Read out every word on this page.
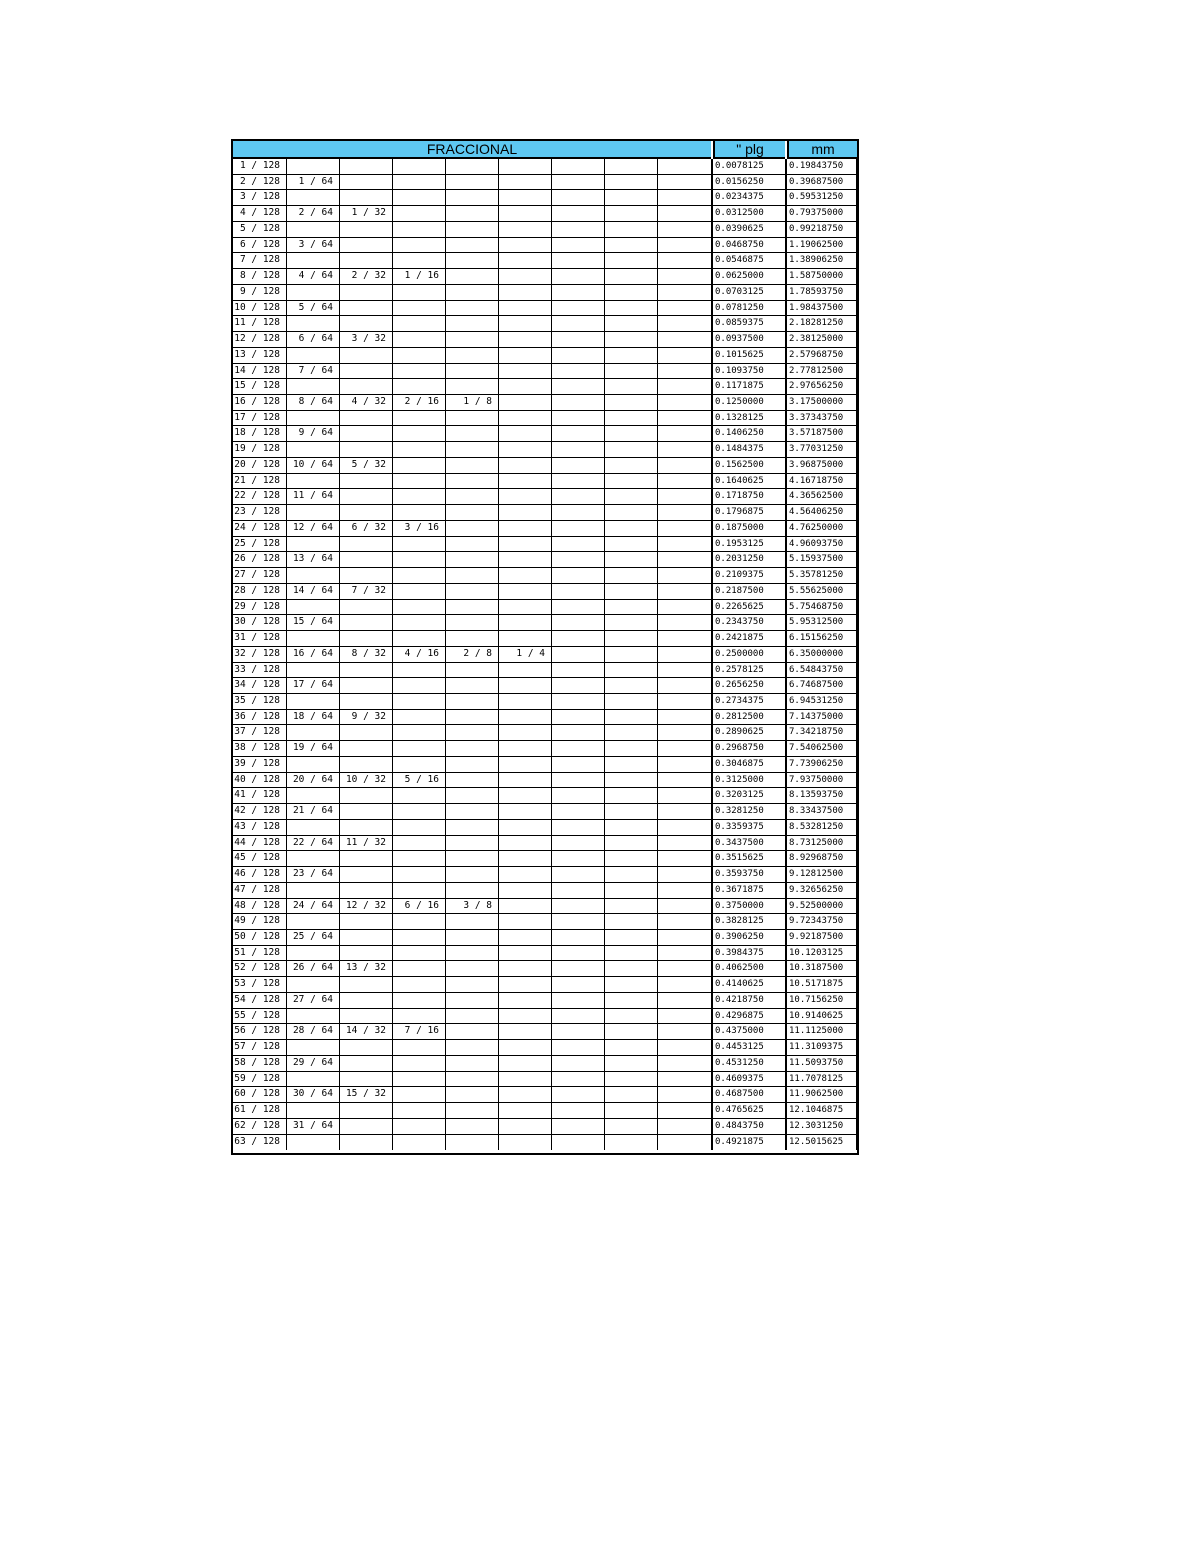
FRACCIONAL	" plg	mm
1 / 128	0.0078125	0.19843750
2 / 128	1 / 64	0.0156250	0.39687500
3 / 128	0.0234375	0.59531250
4 / 128	2 / 64	1 / 32	0.0312500	0.79375000
5 / 128	0.0390625	0.99218750
6 / 128	3 / 64	0.0468750	1.19062500
7 / 128	0.0546875	1.38906250
8 / 128	4 / 64	2 / 32	1 / 16	0.0625000	1.58750000
9 / 128	0.0703125	1.78593750
10 / 128	5 / 64	0.0781250	1.98437500
11 / 128	0.0859375	2.18281250
12 / 128	6 / 64	3 / 32	0.0937500	2.38125000
13 / 128	0.1015625	2.57968750
14 / 128	7 / 64	0.1093750	2.77812500
15 / 128	0.1171875	2.97656250
16 / 128	8 / 64	4 / 32	2 / 16	1 / 8	0.1250000	3.17500000
17 / 128	0.1328125	3.37343750
18 / 128	9 / 64	0.1406250	3.57187500
19 / 128	0.1484375	3.77031250
20 / 128	10 / 64	5 / 32	0.1562500	3.96875000
21 / 128	0.1640625	4.16718750
22 / 128	11 / 64	0.1718750	4.36562500
23 / 128	0.1796875	4.56406250
24 / 128	12 / 64	6 / 32	3 / 16	0.1875000	4.76250000
25 / 128	0.1953125	4.96093750
26 / 128	13 / 64	0.2031250	5.15937500
27 / 128	0.2109375	5.35781250
28 / 128	14 / 64	7 / 32	0.2187500	5.55625000
29 / 128	0.2265625	5.75468750
30 / 128	15 / 64	0.2343750	5.95312500
31 / 128	0.2421875	6.15156250
32 / 128	16 / 64	8 / 32	4 / 16	2 / 8	1 / 4	0.2500000	6.35000000
33 / 128	0.2578125	6.54843750
34 / 128	17 / 64	0.2656250	6.74687500
35 / 128	0.2734375	6.94531250
36 / 128	18 / 64	9 / 32	0.2812500	7.14375000
37 / 128	0.2890625	7.34218750
38 / 128	19 / 64	0.2968750	7.54062500
39 / 128	0.3046875	7.73906250
40 / 128	20 / 64	10 / 32	5 / 16	0.3125000	7.93750000
41 / 128	0.3203125	8.13593750
42 / 128	21 / 64	0.3281250	8.33437500
43 / 128	0.3359375	8.53281250
44 / 128	22 / 64	11 / 32	0.3437500	8.73125000
45 / 128	0.3515625	8.92968750
46 / 128	23 / 64	0.3593750	9.12812500
47 / 128	0.3671875	9.32656250
48 / 128	24 / 64	12 / 32	6 / 16	3 / 8	0.3750000	9.52500000
49 / 128	0.3828125	9.72343750
50 / 128	25 / 64	0.3906250	9.92187500
51 / 128	0.3984375	10.1203125
52 / 128	26 / 64	13 / 32	0.4062500	10.3187500
53 / 128	0.4140625	10.5171875
54 / 128	27 / 64	0.4218750	10.7156250
55 / 128	0.4296875	10.9140625
56 / 128	28 / 64	14 / 32	7 / 16	0.4375000	11.1125000
57 / 128	0.4453125	11.3109375
58 / 128	29 / 64	0.4531250	11.5093750
59 / 128	0.4609375	11.7078125
60 / 128	30 / 64	15 / 32	0.4687500	11.9062500
61 / 128	0.4765625	12.1046875
62 / 128	31 / 64	0.4843750	12.3031250
63 / 128	0.4921875	12.5015625
